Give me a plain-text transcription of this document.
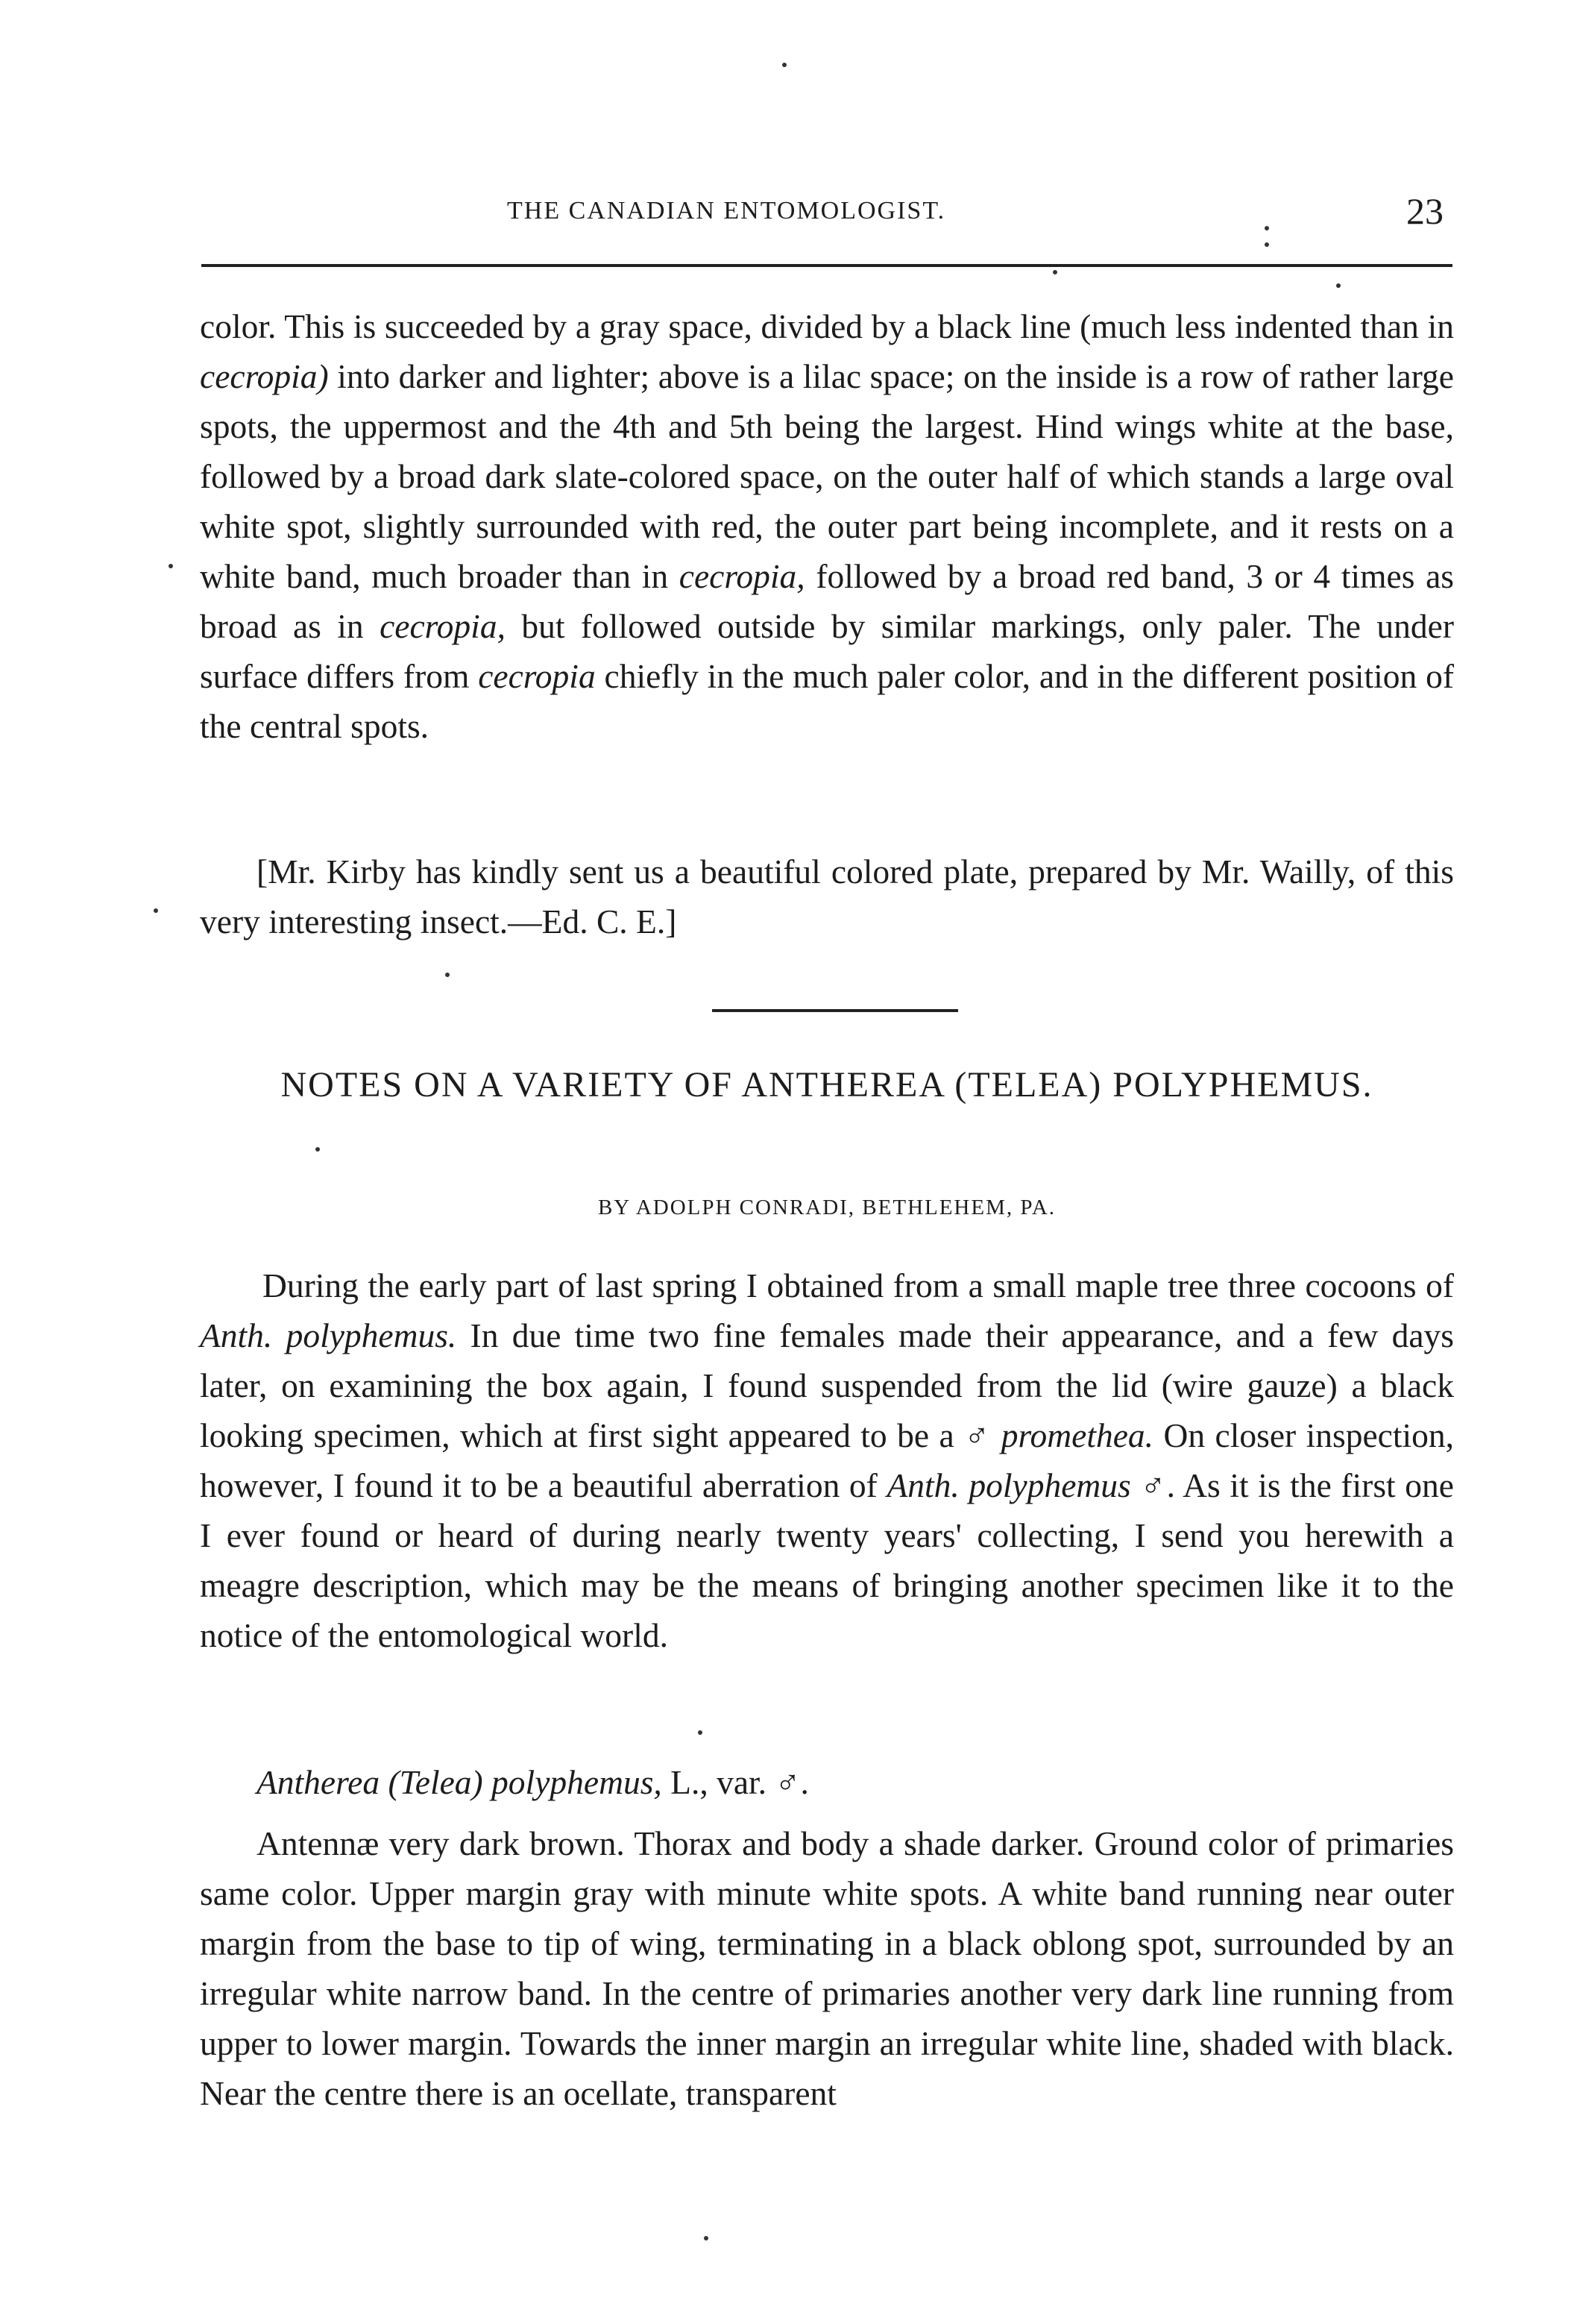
THE CANADIAN ENTOMOLOGIST.	23

color. This is succeeded by a gray space, divided by a black line (much less indented than in cecropia) into darker and lighter; above is a lilac space; on the inside is a row of rather large spots, the uppermost and the 4th and 5th being the largest. Hind wings white at the base, followed by a broad dark slate-colored space, on the outer half of which stands a large oval white spot, slightly surrounded with red, the outer part being incomplete, and it rests on a white band, much broader than in cecropia, followed by a broad red band, 3 or 4 times as broad as in cecropia, but followed outside by similar markings, only paler. The under surface differs from cecropia chiefly in the much paler color, and in the different position of the central spots.

[Mr. Kirby has kindly sent us a beautiful colored plate, prepared by Mr. Wailly, of this very interesting insect.—Ed. C. E.]

NOTES ON A VARIETY OF ANTHEREA (TELEA) POLYPHEMUS.
BY ADOLPH CONRADI, BETHLEHEM, PA.

During the early part of last spring I obtained from a small maple tree three cocoons of Anth. polyphemus. In due time two fine females made their appearance, and a few days later, on examining the box again, I found suspended from the lid (wire gauze) a black looking specimen, which at first sight appeared to be a ♂ promethea. On closer inspection, however, I found it to be a beautiful aberration of Anth. polyphemus ♂. As it is the first one I ever found or heard of during nearly twenty years' collecting, I send you herewith a meagre description, which may be the means of bringing another specimen like it to the notice of the entomological world.

Antherea (Telea) polyphemus, L., var. ♂.

Antennæ very dark brown. Thorax and body a shade darker. Ground color of primaries same color. Upper margin gray with minute white spots. A white band running near outer margin from the base to tip of wing, terminating in a black oblong spot, surrounded by an irregular white narrow band. In the centre of primaries another very dark line running from upper to lower margin. Towards the inner margin an irregular white line, shaded with black. Near the centre there is an ocellate, transparent
